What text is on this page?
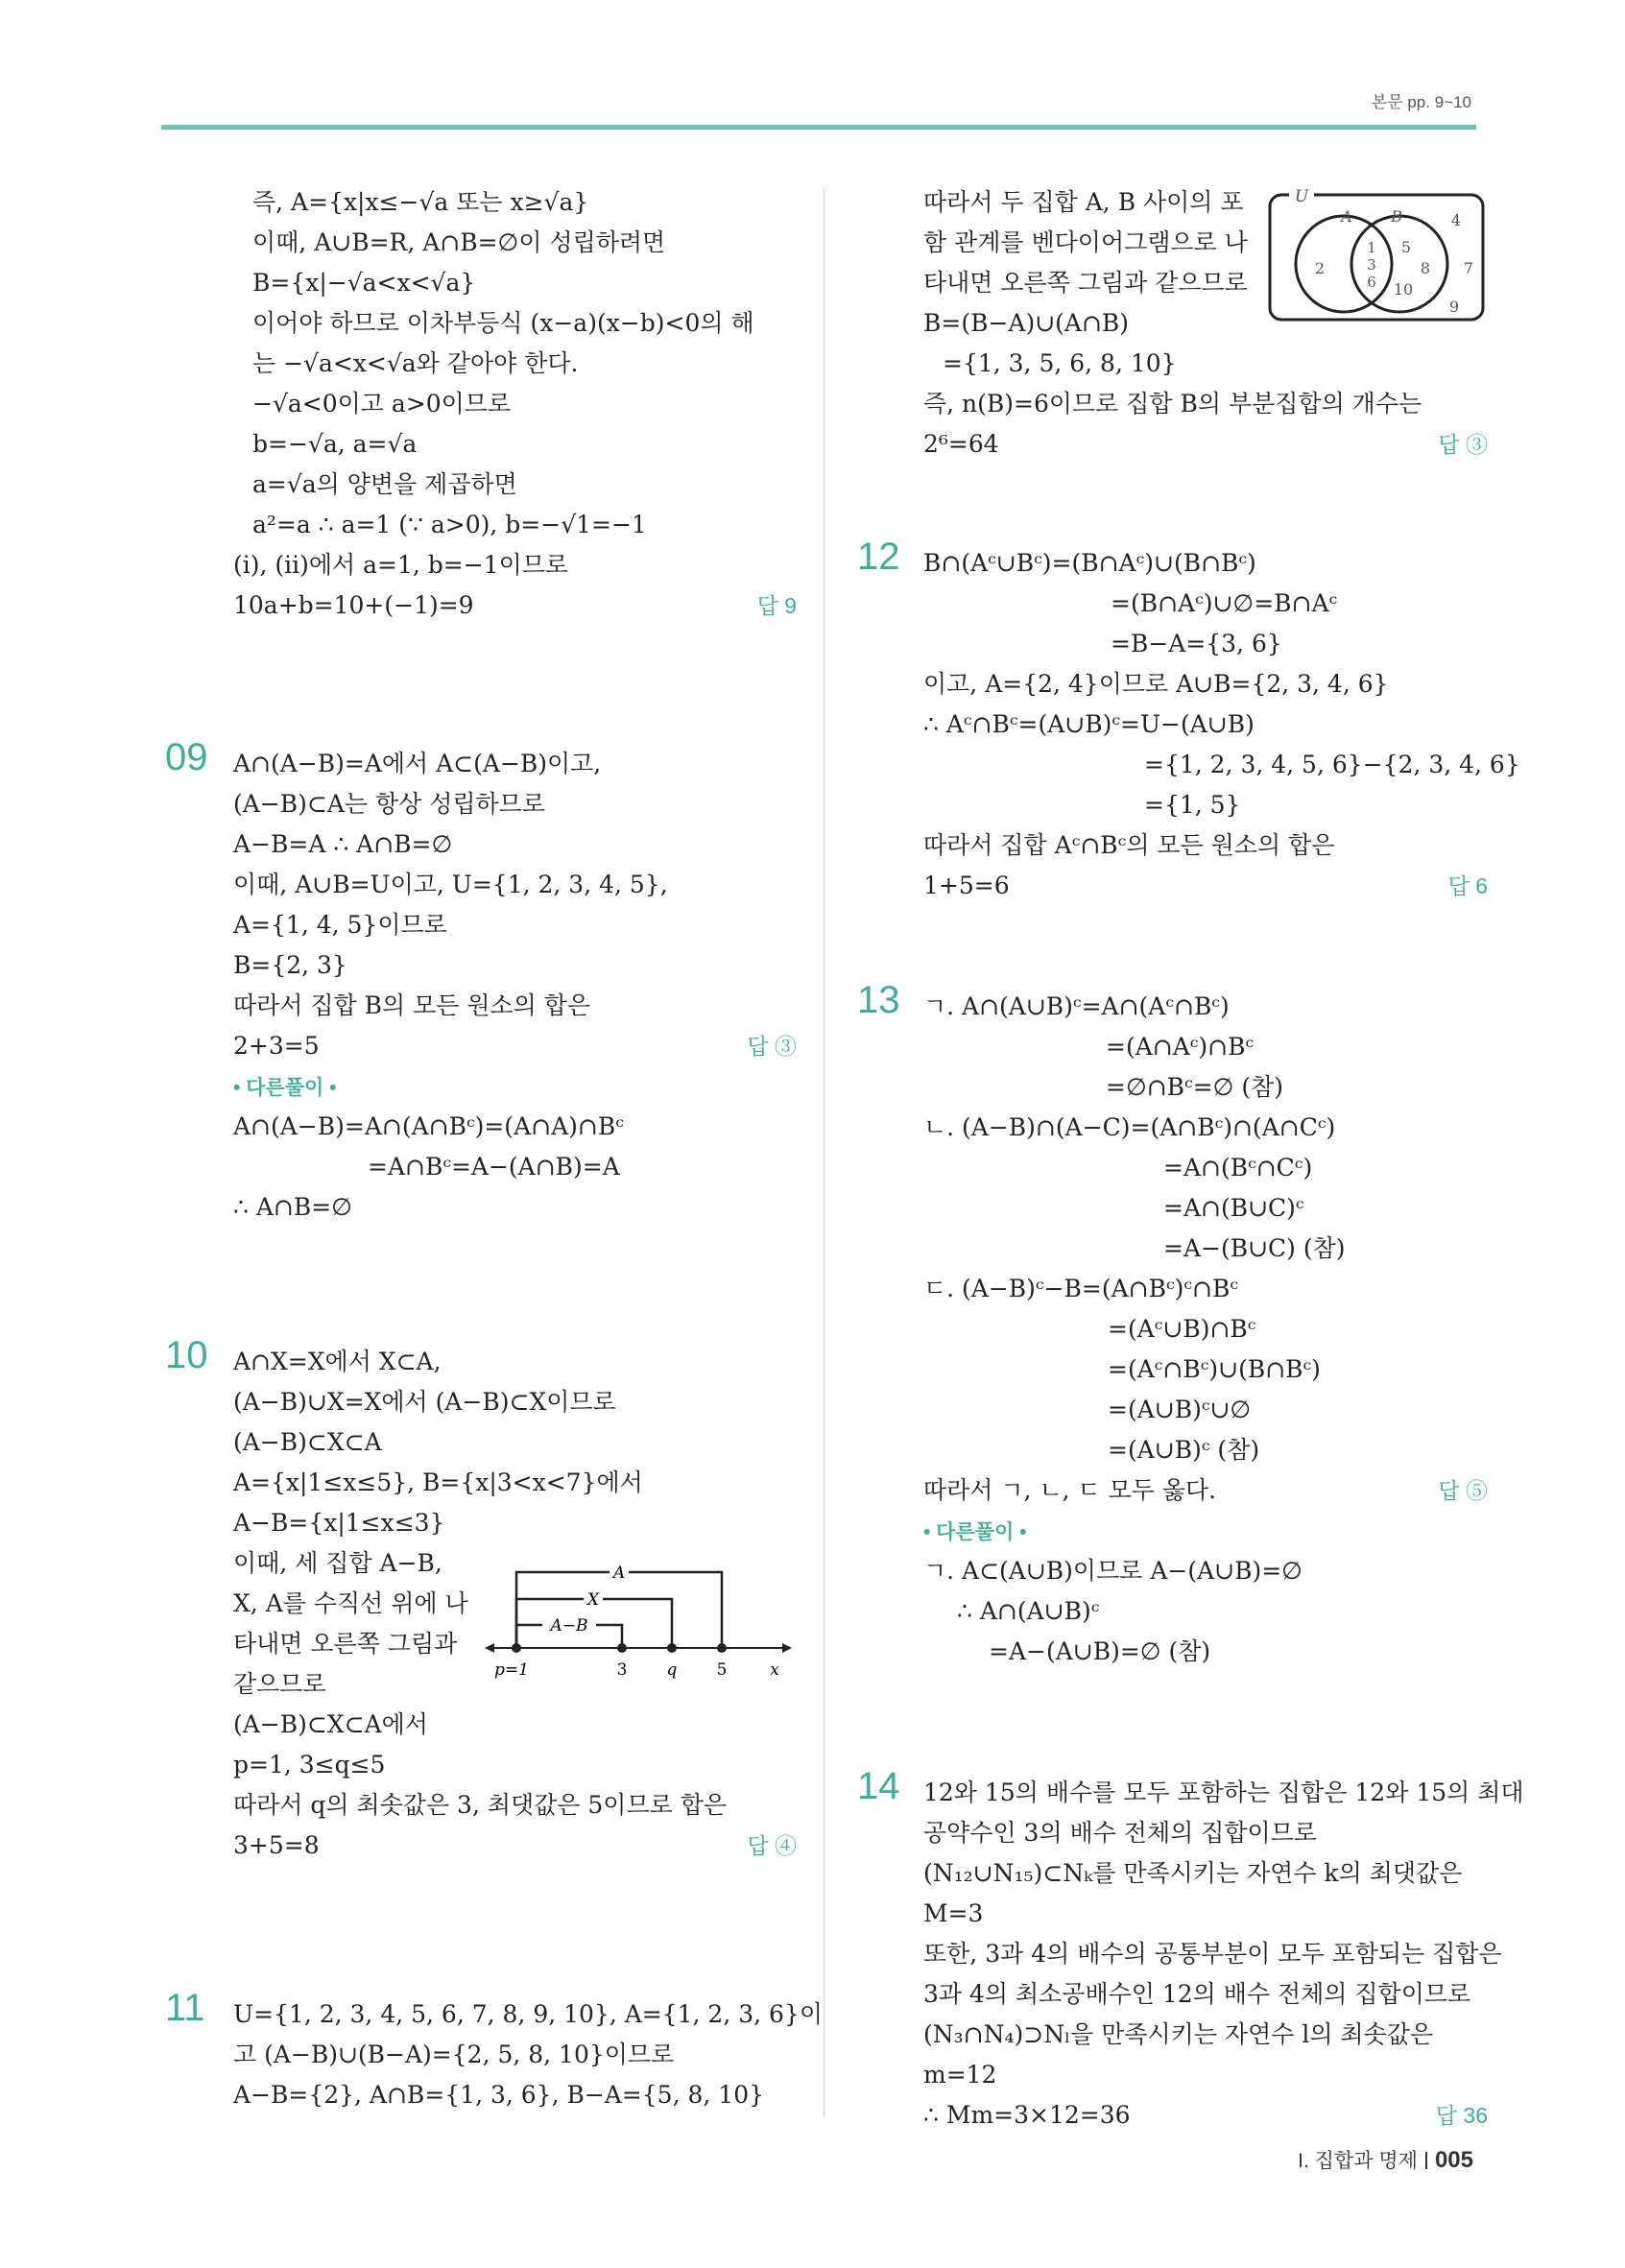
본문 pp. 9~10
즉, A={x|x≤−√a 또는 x≥√a}
이때, A∪B=R, A∩B=∅이 성립하려면
B={x|−√a<x<√a}
이어야 하므로 이차부등식 (x−a)(x−b)<0의 해
는 −√a<x<√a와 같아야 한다.
−√a<0이고 a>0이므로
b=−√a, a=√a
a=√a의 양변을 제곱하면
a²=a ∴ a=1 (∵ a>0), b=−√1=−1
(i), (ii)에서 a=1, b=−1이므로
10a+b=10+(−1)=9	답 9
09 A∩(A−B)=A에서 A⊂(A−B)이고,
(A−B)⊂A는 항상 성립하므로
A−B=A ∴ A∩B=∅
이때, A∪B=U이고, U={1, 2, 3, 4, 5},
A={1, 4, 5}이므로
B={2, 3}
따라서 집합 B의 모든 원소의 합은
2+3=5	답 ③
• 다른풀이 •
A∩(A−B)=A∩(A∩Bᶜ)=(A∩A)∩Bᶜ
=A∩Bᶜ=A−(A∩B)=A
∴ A∩B=∅
10 A∩X=X에서 X⊂A,
(A−B)∪X=X에서 (A−B)⊂X이므로
(A−B)⊂X⊂A
A={x|1≤x≤5}, B={x|3<x<7}에서
A−B={x|1≤x≤3}
이때, 세 집합 A−B,
X, A를 수직선 위에 나
타내면 오른쪽 그림과
같으므로
(A−B)⊂X⊂A에서
p=1, 3≤q≤5
따라서 q의 최솟값은 3, 최댓값은 5이므로 합은
3+5=8	답 ④
A
X
A−B
p=1	3 q 5	x
11 U={1, 2, 3, 4, 5, 6, 7, 8, 9, 10}, A={1, 2, 3, 6}이
고 (A−B)∪(B−A)={2, 5, 8, 10}이므로
A−B={2}, A∩B={1, 3, 6}, B−A={5, 8, 10}
따라서 두 집합 A, B 사이의 포
함 관계를 벤다이어그램으로 나
타내면 오른쪽 그림과 같으므로
B=(B−A)∪(A∩B)
={1, 3, 5, 6, 8, 10}
즉, n(B)=6이므로 집합 B의 부분집합의 개수는
2⁶=64	답 ③
U
A	B
2
1
3
6
5
8
10
4
7
9
12 B∩(Aᶜ∪Bᶜ)=(B∩Aᶜ)∪(B∩Bᶜ)
=(B∩Aᶜ)∪∅=B∩Aᶜ
=B−A={3, 6}
이고, A={2, 4}이므로 A∪B={2, 3, 4, 6}
∴ Aᶜ∩Bᶜ=(A∪B)ᶜ=U−(A∪B)
={1, 2, 3, 4, 5, 6}−{2, 3, 4, 6}
={1, 5}
따라서 집합 Aᶜ∩Bᶜ의 모든 원소의 합은
1+5=6	답 6
13 ㄱ. A∩(A∪B)ᶜ=A∩(Aᶜ∩Bᶜ)
=(A∩Aᶜ)∩Bᶜ
=∅∩Bᶜ=∅ (참)
ㄴ. (A−B)∩(A−C)=(A∩Bᶜ)∩(A∩Cᶜ)
=A∩(Bᶜ∩Cᶜ)
=A∩(B∪C)ᶜ
=A−(B∪C) (참)
ㄷ. (A−B)ᶜ−B=(A∩Bᶜ)ᶜ∩Bᶜ
=(Aᶜ∪B)∩Bᶜ
=(Aᶜ∩Bᶜ)∪(B∩Bᶜ)
=(A∪B)ᶜ∪∅
=(A∪B)ᶜ (참)
따라서 ㄱ, ㄴ, ㄷ 모두 옳다.	답 ⑤
• 다른풀이 •
ㄱ. A⊂(A∪B)이므로 A−(A∪B)=∅
∴ A∩(A∪B)ᶜ
=A−(A∪B)=∅ (참)
14 12와 15의 배수를 모두 포함하는 집합은 12와 15의 최대
공약수인 3의 배수 전체의 집합이므로
(N₁₂∪N₁₅)⊂Nₖ를 만족시키는 자연수 k의 최댓값은
M=3
또한, 3과 4의 배수의 공통부분이 모두 포함되는 집합은
3과 4의 최소공배수인 12의 배수 전체의 집합이므로
(N₃∩N₄)⊃Nₗ을 만족시키는 자연수 l의 최솟값은
m=12
∴ Mm=3×12=36	답 36
I. 집합과 명제 005
